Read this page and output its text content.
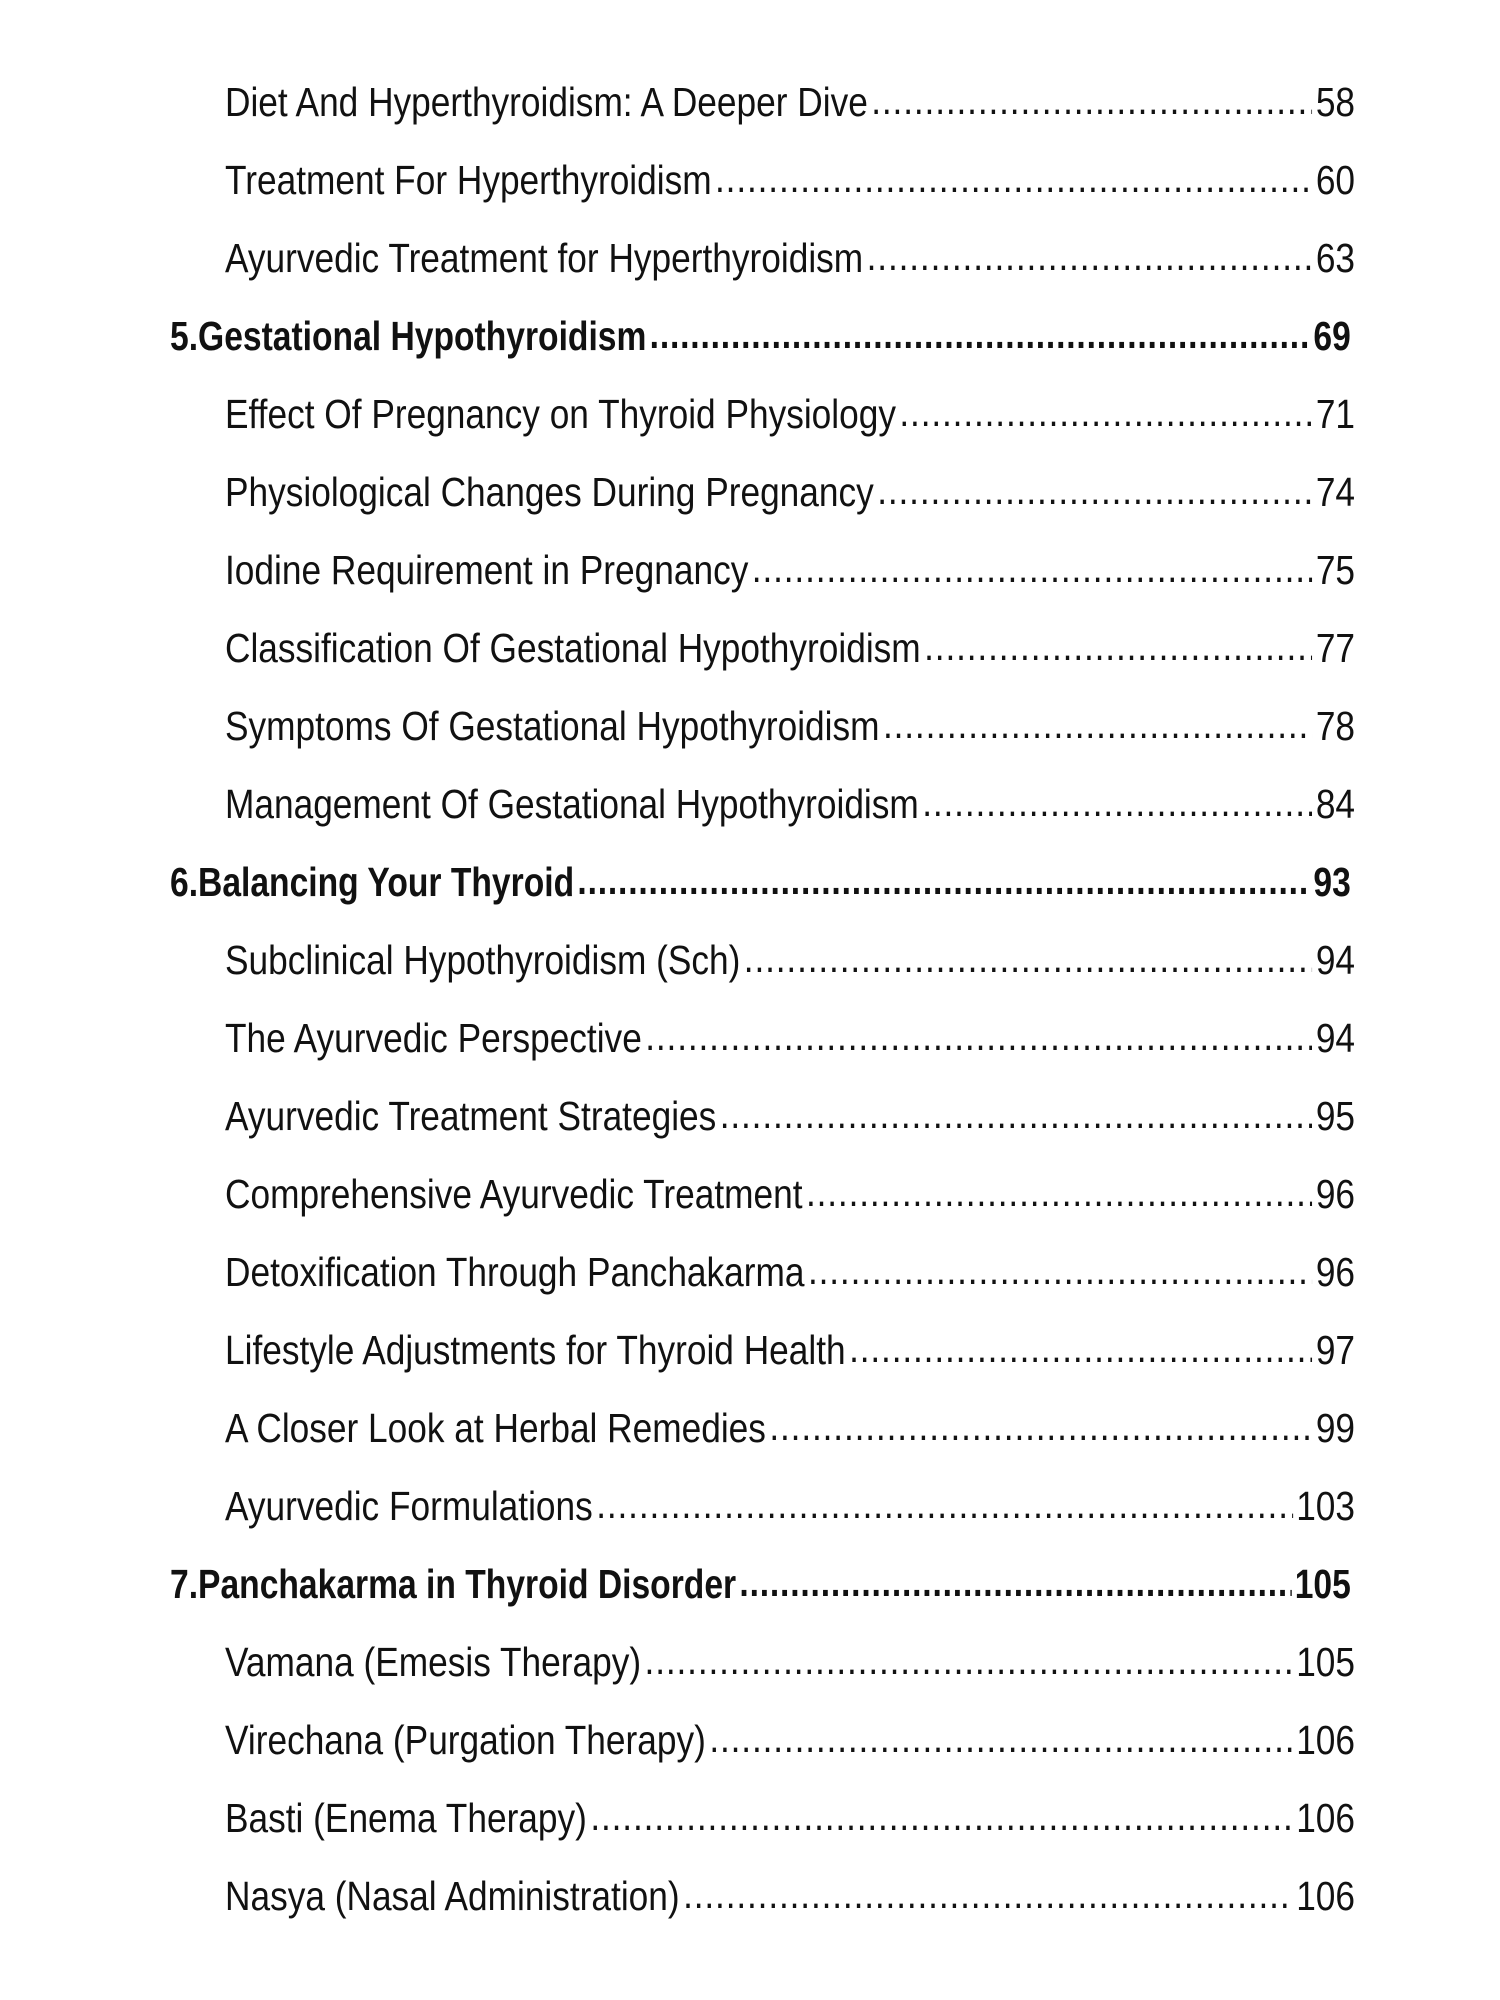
Diet And Hyperthyroidism: A Deeper Dive .....	58
Treatment For Hyperthyroidism .....	60
Ayurvedic Treatment for Hyperthyroidism .....	63
5.Gestational Hypothyroidism .....	69
Effect Of Pregnancy on Thyroid Physiology .....	71
Physiological Changes During Pregnancy .....	74
Iodine Requirement in Pregnancy .....	75
Classification Of Gestational Hypothyroidism .....	77
Symptoms Of Gestational Hypothyroidism .....	78
Management Of Gestational Hypothyroidism .....	84
6.Balancing Your Thyroid .....	93
Subclinical Hypothyroidism (Sch) .....	94
The Ayurvedic Perspective .....	94
Ayurvedic Treatment Strategies .....	95
Comprehensive Ayurvedic Treatment .....	96
Detoxification Through Panchakarma .....	96
Lifestyle Adjustments for Thyroid Health .....	97
A Closer Look at Herbal Remedies .....	99
Ayurvedic Formulations .....	103
7.Panchakarma in Thyroid Disorder .....	105
Vamana (Emesis Therapy) .....	105
Virechana (Purgation Therapy) .....	106
Basti (Enema Therapy) .....	106
Nasya (Nasal Administration) .....	106
